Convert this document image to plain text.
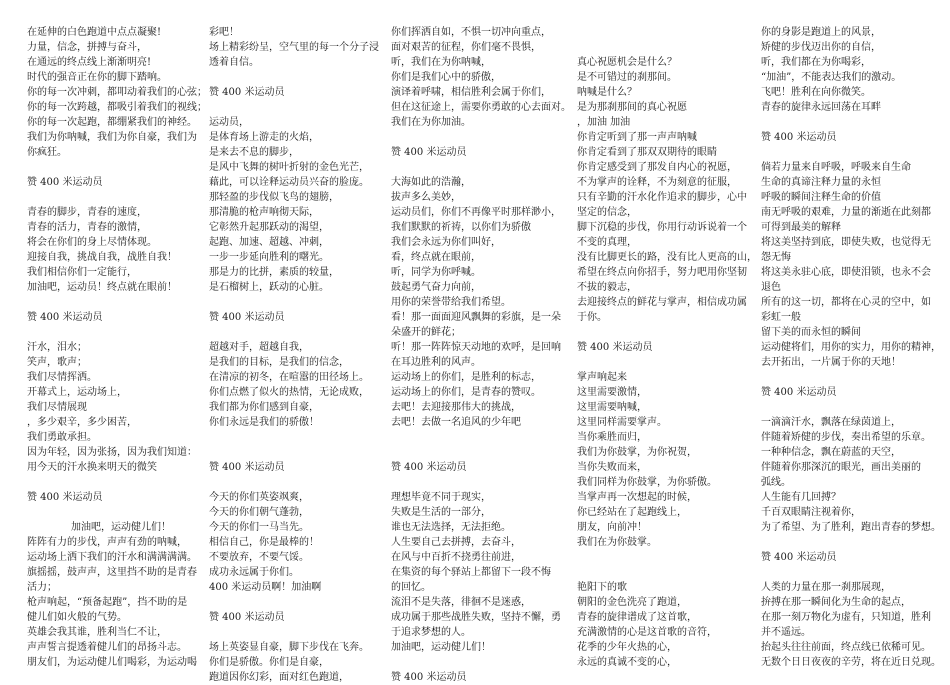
在延伸的白色跑道中点点凝聚!
力量，信念，拼搏与奋斗，
在通远的终点线上渐渐明亮!
时代的强音正在你的脚下踏响。
你的每一次冲刺，都叩动着我们的心弦；
你的每一次跨越，都吸引着我们的视线；
你的每一次起跑，都绷紧我们的神经。
我们为你呐喊，我们为你自豪，我们为
你疯狂。
赞 400 米运动员
青春的脚步，青春的速度，
青春的活力，青春的激情，
将会在你们的身上尽情体现。
迎接自我，挑战自我，战胜自我！
我们相信你们一定能行，
加油吧，运动员！终点就在眼前！
赞 400 米运动员
汗水，泪水；
笑声，歌声；
我们尽情挥洒。
开幕式上，运动场上，
我们尽情展现
，多少艰辛，多少困苦，
我们勇敢承担。
因为年轻，因为张扬，因为我们知道：
用今天的汗水换来明天的微笑
赞 400 米运动员
加油吧，运动健儿们！
阵阵有力的步伐，声声有劲的呐喊，
运动场上洒下我们的汗水和满满满满。
旗摇摇，鼓声声，这里挡不助的是青春
活力；
枪声响起，“预备起跑”，挡不助的是
健儿们如火般的气势。
英雄会我其谁，胜利当仁不让，
声声誓言提透着健儿们的昂扬斗志。
朋友们，为运动健儿们喝彩，为运动喝
彩吧！
场上精彩纷呈，空气里的每一个分子浸
透着自信。
赞 400 米运动员
运动员，
是体育场上游走的火焰，
是来去不息的脚步，
是风中飞舞的树叶折射的金色光芒，
藉此，可以诠释运动员兴奋的脸庞。
那轻盈的步伐似飞鸟的翅膀，
那清脆的枪声响彻天际，
它彰然升起那跃动的渴望，
起跑、加速、超越、冲刺，
一步一步延向胜利的曙光。
那是力的比拼，素质的较量，
是石榴树上，跃动的心脏。
赞 400 米运动员
超越对手，超越自我，
是我们的目标，是我们的信念，
在清凉的初冬，在喧嚣的田径场上。
你们点燃了似火的热情，无论成败，
我们都为你们感到自豪，
你们永远是我们的骄傲！
赞 400 米运动员
今天的你们英姿飒爽，
今天的你们朝气蓬勃，
今天的你们一马当先。
相信自己，你是最棒的！
不要放弃，不要气馁。
成功永远属于你们。
400 米运动员啊！加油啊
赞 400 米运动员
场上英姿显自豪，脚下步伐在飞奔。
你们是骄傲。你们是自豪，
跑道因你幻彩，面对红色跑道，
你们挥洒自如，不惧一切冲向重点，
面对艰苦的征程，你们毫不畏惧，
听，我们在为你呐喊，
你们是我们心中的骄傲，
演译着呼啸，相信胜利会属于你们，
但在这征途上，需要你勇敢的心去面对。
我们在为你加油。
赞 400 米运动员
大海如此的浩瀚，
拔声多么美妙，
运动员们，你们不再像平时那样渺小，
我们默默的祈祷，以你们为骄傲
我们会永远为你们叫好，
看，终点就在眼前，
听，同学为你呼喊。
鼓起勇气奋力向前，
用你的荣誉带给我们希望。
看！那一面面迎风飘舞的彩旗，是一朵
朵盛开的鲜花；
听！那一阵阵惊天动地的欢呼，是回响
在耳边胜利的风声。
运动场上的你们，是胜利的标志，
运动场上的你们，是青春的赞叹。
去吧！去迎接那伟大的挑战，
去吧！去做一名追风的少年吧
赞 400 米运动员
理想毕竟不同于现实，
失败是生活的一部分，
谁也无法选择，无法拒绝。
人生要自己去拼搏，去奋斗，
在风与中百折不挠勇往前进，
在集资的每个驿站上都留下一段不悔
的回忆。
流泪不是失落，徘徊不是迷惑，
成功属于那些战胜失败，坚持不懈，勇
于追求梦想的人。
加油吧，运动健儿们！
赞 400 米运动员
真心祝愿机会是什么？
是不可错过的刹那间。
呐喊是什么？
是为那刹那间的真心祝愿
，加油 加油
你肯定听到了那一声声呐喊
你肯定看到了那双双期待的眼睛
你肯定感受到了那发自内心的祝愿，
不为掌声的诠释，不为刻意的征服，
只有辛勤的汗水化作追求的脚步，心中
坚定的信念，
脚下沉稳的步伐，你用行动诉说着一个
不变的真理，
没有比脚更长的路，没有比人更高的山，
希望在终点向你招手，努力吧用你坚韧
不拔的毅志，
去迎接终点的鲜花与掌声，相信成功属
于你。
赞 400 米运动员
掌声响起来
这里需要激情，
这里需要呐喊，
这里同样需要掌声。
当你乘胜而归，
我们为你鼓掌，为你祝贺，
当你失败而来，
我们同样为你鼓掌，为你骄傲。
当掌声再一次想起的时候，
你已经站在了起跑线上，
朋友，向前冲！
我们在为你鼓掌。
艳阳下的歌
朝阳的金色洗亮了跑道，
青春的旋律谱成了这首歌，
充满激情的心是这首歌的音符，
花季的少年火热的心，
永远的真诚不变的心，
你的身影是跑道上的风景，
矫健的步伐迈出你的自信，
听，我们都在为你喝彩，
“加油”，不能表达我们的激动。
飞吧！胜利在向你微笑。
青春的旋律永远回荡在耳畔
赞 400 米运动员
倘若力量来自呼吸，呼吸来自生命
生命的真谛注释力量的永恒
呼吸的瞬间注释生命的价值
南无呼吸的艰难，力量的渐逝在此刻都
可得到最美的解释
将这美坚持到底，即使失败，也觉得无
怨无悔
将这美永驻心底，即使泪锁，也永不会
退色
所有的这一切，都将在心灵的空中，如
彩虹一般
留下美的而永恒的瞬间
运动健将们，用你的实力，用你的精神，
去开拓出，一片属于你的天地！
赞 400 米运动员
一滴滴汗水，飘落在绿茵道上，
伴随着矫健的步伐，奏出希望的乐章。
一种种信念，飘在蔚蓝的天空，
伴随着你那深沉的眼光，画出美丽的
弧线。
人生能有几回搏？
千百双眼睛注视着你，
为了希望、为了胜利，跑出青春的梦想。
赞 400 米运动员
人类的力量在那一刹那展现，
拚搏在那一瞬间化为生命的起点，
在那一刻万物化为虚有，只知道，胜利
并不遥远。
抬起头往往前面，终点线已依稀可见。
无数个日日夜夜的辛劳，将在近日兑现。
